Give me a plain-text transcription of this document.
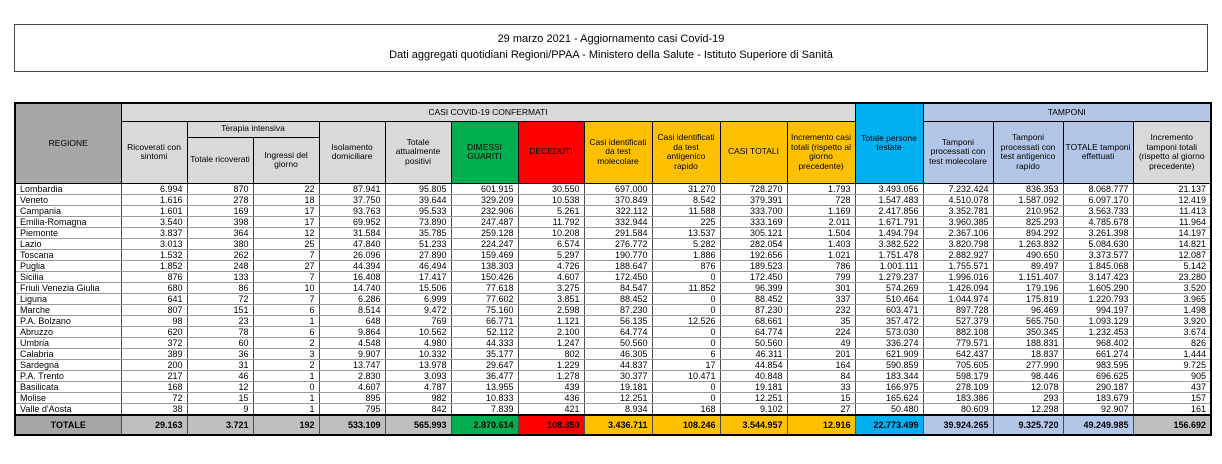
29 marzo 2021 - Aggiornamento casi Covid-19
Dati aggregati quotidiani Regioni/PPAA - Ministero della Salute - Istituto Superiore di Sanità
REGIONE	CASI COVID-19 CONFERMATI											Totale persone testate	TAMPONI			
	Ricoverati con sintomi	Terapia intensiva		Isolamento domiciliare	Totale attualmente positivi	DIMESSI GUARITI	DECEDUTI	Casi identificati da test molecolare	Casi identificati da test antigenico rapido	CASI TOTALI	Incremento casi totali (rispetto al giorno precedente)		Tamponi processati con test molecolare	Tamponi processati con test antigenico rapido	TOTALE tamponi effettuati	Incremento tamponi totali (rispetto al giorno precedente)
		Totale ricoverati	Ingressi del giorno													
Lombardia	6.994	870	22	87.941	95.805	601.915	30.550	697.000	31.270	728.270	1.793	3.493.056	7.232.424	836.353	8.068.777	21.137
Veneto	1.616	278	18	37.750	39.644	329.209	10.538	370.849	8.542	379.391	728	1.547.483	4.510.078	1.587.092	6.097.170	12.419
Campania	1.601	169	17	93.763	95.533	232.906	5.261	322.112	11.588	333.700	1.169	2.417.856	3.352.781	210.952	3.563.733	11.413
Emilia-Romagna	3.540	398	17	69.952	73.890	247.487	11.792	332.944	225	333.169	2.011	1.671.791	3.960.385	825.293	4.785.678	11.964
Piemonte	3.837	364	12	31.584	35.785	259.128	10.208	291.584	13.537	305.121	1.504	1.494.794	2.367.106	894.292	3.261.398	14.197
Lazio	3.013	380	25	47.840	51.233	224.247	6.574	276.772	5.282	282.054	1.403	3.382.522	3.820.798	1.263.832	5.084.630	14.821
Toscana	1.532	262	7	26.096	27.890	159.469	5.297	190.770	1.886	192.656	1.021	1.751.478	2.882.927	490.650	3.373.577	12.087
Puglia	1.852	248	27	44.394	46.494	138.303	4.726	188.647	876	189.523	786	1.001.111	1.755.571	89.497	1.845.068	5.142
Sicilia	876	133	7	16.408	17.417	150.426	4.607	172.450	0	172.450	799	1.279.237	1.996.016	1.151.407	3.147.423	23.280
Friuli Venezia Giulia	680	86	10	14.740	15.506	77.618	3.275	84.547	11.852	96.399	301	574.269	1.426.094	179.196	1.605.290	3.520
Liguria	641	72	7	6.286	6.999	77.602	3.851	88.452	0	88.452	337	510.464	1.044.974	175.819	1.220.793	3.965
Marche	807	151	6	8.514	9.472	75.160	2.598	87.230	0	87.230	232	603.471	897.728	96.469	994.197	1.498
P.A. Bolzano	98	23	1	648	769	66.771	1.121	56.135	12.526	68.661	35	357.472	527.379	565.750	1.093.129	3.920
Abruzzo	620	78	6	9.864	10.562	52.112	2.100	64.774	0	64.774	224	573.030	882.108	350.345	1.232.453	3.674
Umbria	372	60	2	4.548	4.980	44.333	1.247	50.560	0	50.560	49	336.274	779.571	188.831	968.402	826
Calabria	389	36	3	9.907	10.332	35.177	802	46.305	6	46.311	201	621.909	642.437	18.837	661.274	1.444
Sardegna	200	31	2	13.747	13.978	29.647	1.229	44.837	17	44.854	164	590.859	705.605	277.990	983.595	9.725
P.A. Trento	217	46	1	2.830	3.093	36.477	1.278	30.377	10.471	40.848	84	183.344	598.179	98.446	696.625	905
Basilicata	168	12	0	4.607	4.787	13.955	439	19.181	0	19.181	33	166.975	278.109	12.078	290.187	437
Molise	72	15	1	895	982	10.833	436	12.251	0	12.251	15	165.624	183.386	293	183.679	157
Valle d'Aosta	38	9	1	795	842	7.839	421	8.934	168	9.102	27	50.480	80.609	12.298	92.907	161
TOTALE	29.163	3.721	192	533.109	565.993	2.870.614	108.350	3.436.711	108.246	3.544.957	12.916	22.773.499	39.924.265	9.325.720	49.249.985	156.692
